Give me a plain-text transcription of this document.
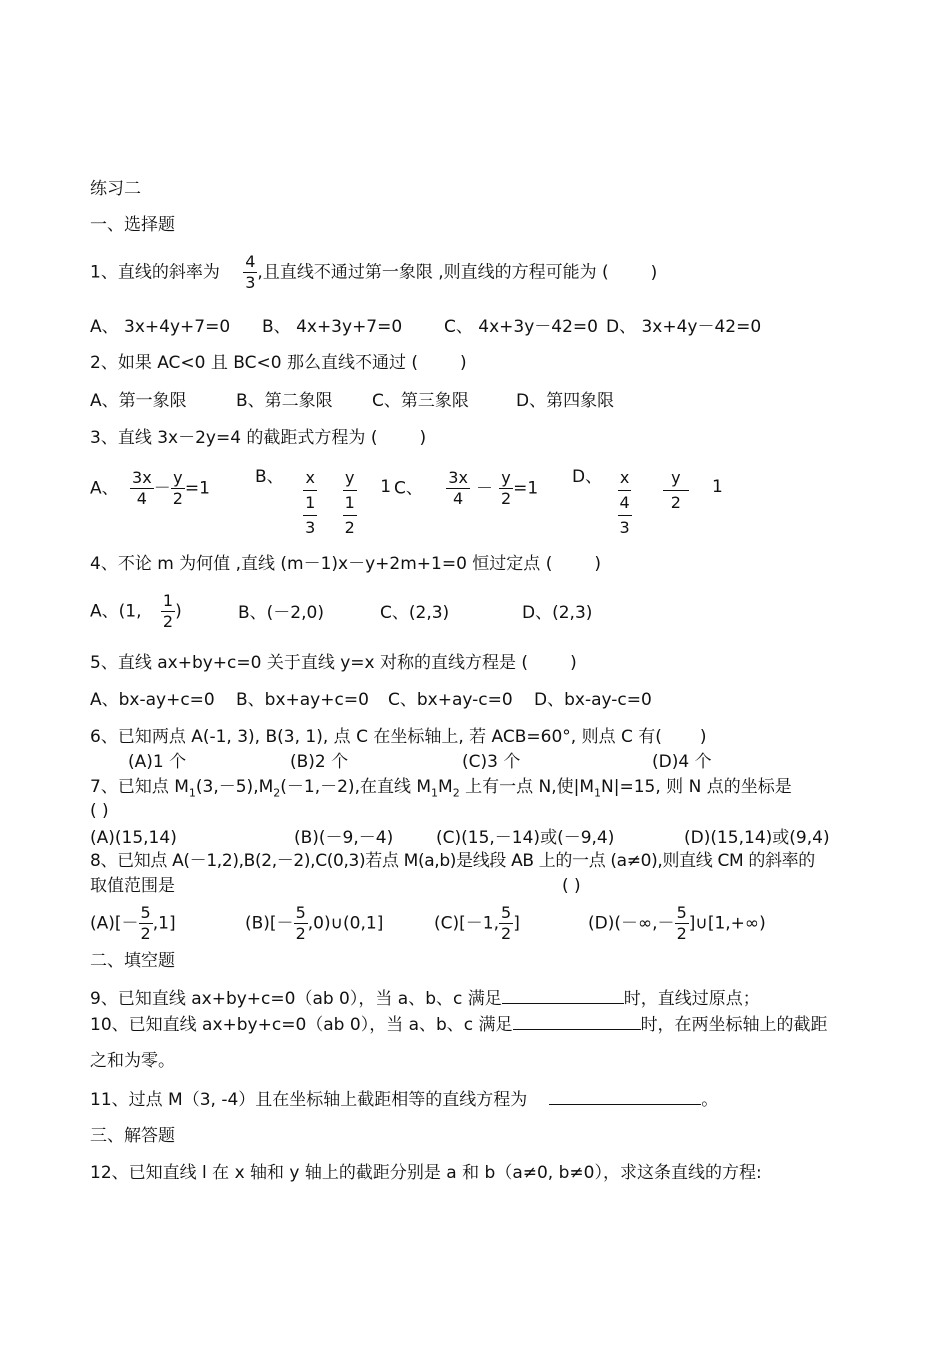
练习二
一、选择题
1、直线的斜率为 $\frac{4}{3}$ ,且直线不通过第一象限 ,则直线的方程可能为 ( )
A、 3x+4y+7=0 B、 4x+3y+7=0 C、 4x+3y－42=0 D、 3x+4y－42=0
2、如果 AC<0 且 BC<0 那么直线不通过 ( )
A、第一象限	B、第二象限 C、第三象限	D、第四象限
3、直线 3x－2y=4 的截距式方程为 ( )
A、 $\frac{3x}{4} - \frac{y}{2} =1$
B、 x
1
3

y
1
2
1 C、 $\frac{3x}{4} - \frac{y}{2} =1$
D、 x
4
3

$\frac{y}{2} 1$
4、不论 m 为何值 ,直线 (m－1)x－y+2m+1=0 恒过定点 ( )
A、(1, $\frac{1}{2}$ )	B、(－2,0)	C、(2,3)	D、(2,3)
5、直线 ax+by+c=0 关于直线 y=x 对称的直线方程是 ( )
A、bx-ay+c=0 B、bx+ay+c=0 C、bx+ay-c=0 D、bx-ay-c=0
6、已知两点 A(-1, 3), B(3, 1), 点 C 在坐标轴上, 若 ACB=60°, 则点 C 有( )
(A)1 个	(B)2 个	(C)3 个	(D)4 个
7、已知点 $M_1(3,-5),M_2(-1,-2)$,在直线 $M_1M_2$ 上有一点 N,使$|M_1N|=15$, 则 N 点的坐标是
( )
(A)(15,14)	(B)(－9,－4)	(C)(15,－14)或(－9,4)	(D)(15,14)或(9,4)
8、已知点 A(－1,2),B(2,－2),C(0,3)若点 M(a,b)是线段 AB 上的一点 (a≠0),则直线 CM 的斜率的
取值范围是	( )
$(A)[- \frac{5}{2} ,1]$	$(B)[- \frac{5}{2}$ ,0)∪(0,1]	(C)[－1, $\frac{5}{2}$ ]	$(D)(-\infty,- \frac{5}{2}$ ]∪[1,+∞)
二、填空题
9、已知直线 ax+by+c=0（ab 0），当 a、b、c 满足	时，直线过原点；
10、已知直线 ax+by+c=0（ab 0），当 a、b、c 满足	时，在两坐标轴上的截距
之和为零。
11、过点 M（3, -4）且在坐标轴上截距相等的直线方程为	。
三、解答题
12、已知直线 l 在 x 轴和 y 轴上的截距分别是 a 和 b（a≠0, b≠0），求这条直线的方程:
